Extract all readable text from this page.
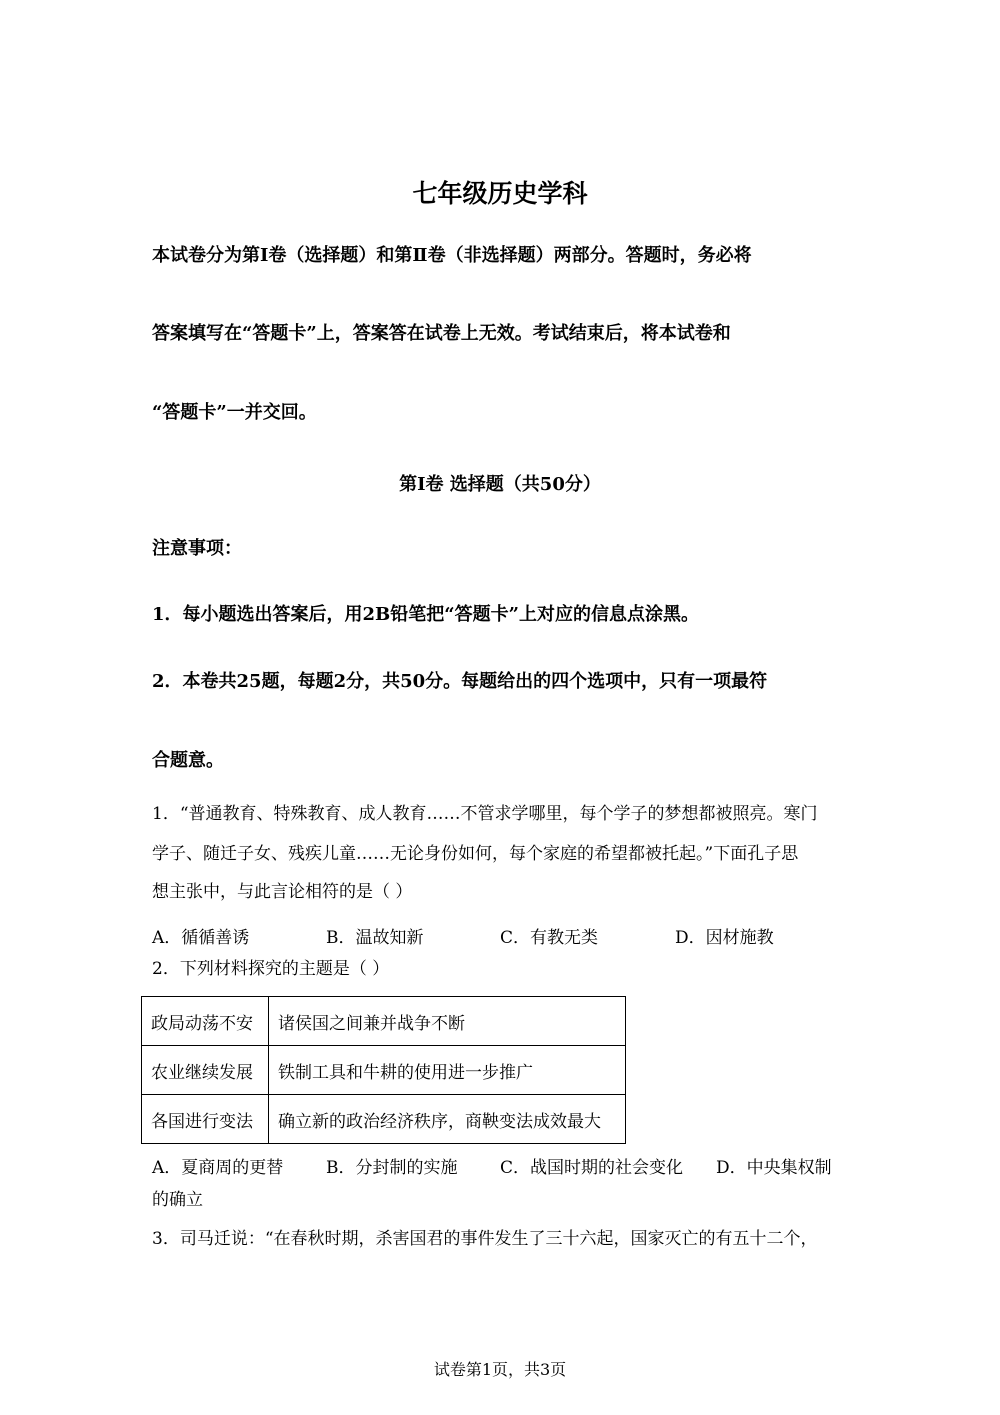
七年级历史学科
本试卷分为第Ⅰ卷（选择题）和第Ⅱ卷（非选择题）两部分。答题时，务必将
答案填写在“答题卡”上，答案答在试卷上无效。考试结束后，将本试卷和
“答题卡”一并交回。
第Ⅰ卷 选择题（共50分）
注意事项：
1．每小题选出答案后，用2B铅笔把“答题卡”上对应的信息点涂黑。
2．本卷共25题，每题2分，共50分。每题给出的四个选项中，只有一项最符
合题意。
1．“普通教育、特殊教育、成人教育……不管求学哪里，每个学子的梦想都被照亮。寒门
学子、随迁子女、残疾儿童……无论身份如何，每个家庭的希望都被托起。”下面孔子思
想主张中，与此言论相符的是（ ）
A．循循善诱	B．温故知新	C．有教无类	D．因材施教
2．下列材料探究的主题是（ ）
政局动荡不安	诸侯国之间兼并战争不断
农业继续发展	铁制工具和牛耕的使用进一步推广
各国进行变法	确立新的政治经济秩序，商鞅变法成效最大
A．夏商周的更替	B．分封制的实施	C．战国时期的社会变化 D．中央集权制
的确立
3．司马迁说：“在春秋时期，杀害国君的事件发生了三十六起，国家灭亡的有五十二个，
试卷第1页，共3页
